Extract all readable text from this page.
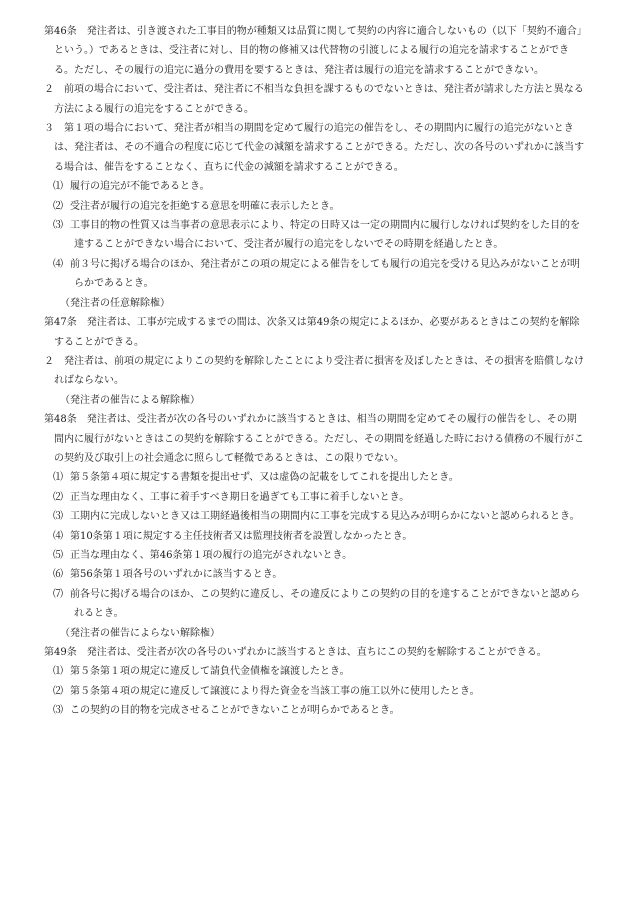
第46条 発注者は、引き渡された工事目的物が種類又は品質に関して契約の内容に適合しないもの（以下「契約不適合」という。）であるときは、受注者に対し、目的物の修補又は代替物の引渡しによる履行の追完を請求することができる。ただし、その履行の追完に過分の費用を要するときは、発注者は履行の追完を請求することができない。

２ 前項の場合において、受注者は、発注者に不相当な負担を課するものでないときは、発注者が請求した方法と異なる方法による履行の追完をすることができる。

３ 第１項の場合において、発注者が相当の期間を定めて履行の追完の催告をし、その期間内に履行の追完がないときは、発注者は、その不適合の程度に応じて代金の減額を請求することができる。ただし、次の各号のいずれかに該当する場合は、催告をすることなく、直ちに代金の減額を請求することができる。

⑴ 履行の追完が不能であるとき。

⑵ 受注者が履行の追完を拒絶する意思を明確に表示したとき。

⑶ 工事目的物の性質又は当事者の意思表示により、特定の日時又は一定の期間内に履行しなければ契約をした目的を達することができない場合において、受注者が履行の追完をしないでその時期を経過したとき。

⑷ 前３号に掲げる場合のほか、発注者がこの項の規定による催告をしても履行の追完を受ける見込みがないことが明らかであるとき。

（発注者の任意解除権）

第47条 発注者は、工事が完成するまでの間は、次条又は第49条の規定によるほか、必要があるときはこの契約を解除することができる。

２ 発注者は、前項の規定によりこの契約を解除したことにより受注者に損害を及ぼしたときは、その損害を賠償しなければならない。

（発注者の催告による解除権）

第48条 発注者は、受注者が次の各号のいずれかに該当するときは、相当の期間を定めてその履行の催告をし、その期間内に履行がないときはこの契約を解除することができる。ただし、その期間を経過した時における債務の不履行がこの契約及び取引上の社会通念に照らして軽微であるときは、この限りでない。

⑴ 第５条第４項に規定する書類を提出せず、又は虚偽の記載をしてこれを提出したとき。

⑵ 正当な理由なく、工事に着手すべき期日を過ぎても工事に着手しないとき。

⑶ 工期内に完成しないとき又は工期経過後相当の期間内に工事を完成する見込みが明らかにないと認められるとき。

⑷ 第10条第１項に規定する主任技術者又は監理技術者を設置しなかったとき。

⑸ 正当な理由なく、第46条第１項の履行の追完がされないとき。

⑹ 第56条第１項各号のいずれかに該当するとき。

⑺ 前各号に掲げる場合のほか、この契約に違反し、その違反によりこの契約の目的を達することができないと認められるとき。

（発注者の催告によらない解除権）

第49条 発注者は、受注者が次の各号のいずれかに該当するときは、直ちにこの契約を解除することができる。

⑴ 第５条第１項の規定に違反して請負代金債権を譲渡したとき。

⑵ 第５条第４項の規定に違反して譲渡により得た資金を当該工事の施工以外に使用したとき。

⑶ この契約の目的物を完成させることができないことが明らかであるとき。
